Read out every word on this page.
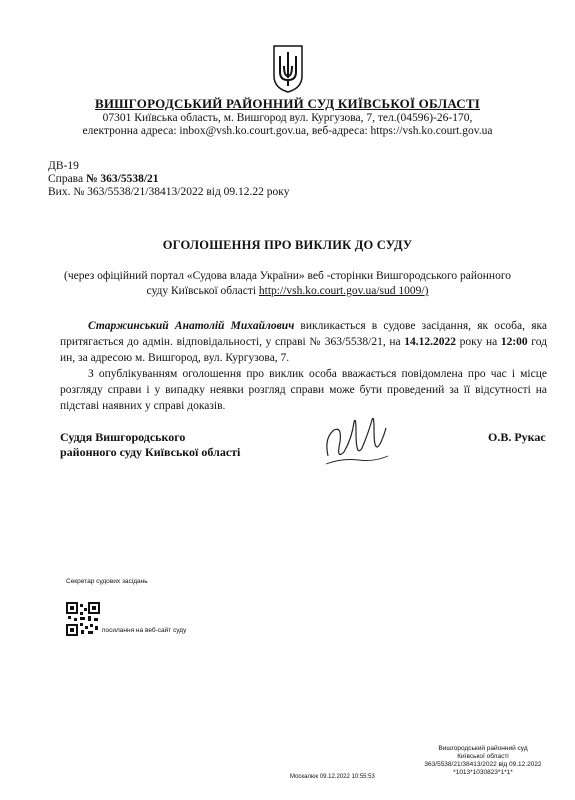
ВИШГОРОДСЬКИЙ РАЙОННИЙ СУД КИЇВСЬКОЇ ОБЛАСТІ
07301 Київська область, м. Вишгород вул. Кургузова, 7, тел.(04596)-26-170,
електронна адреса: inbox@vsh.ko.court.gov.ua, веб-адреса: https://vsh.ko.court.gov.ua
ДВ-19
Справа № 363/5538/21
Вих. № 363/5538/21/38413/2022 від 09.12.22 року
ОГОЛОШЕННЯ ПРО ВИКЛИК ДО СУДУ
(через офіційний портал «Судова влада України» веб -сторінки Вишгородського районного
суду Київської області http://vsh.ko.court.gov.ua/sud 1009/)
Старжинський Анатолій Михайлович викликається в судове засідання, як особа, яка притягається до адмін. відповідальності, у справі № 363/5538/21, на 14.12.2022 року на 12:00 год ин, за адресою м. Вишгород, вул. Кургузова, 7.
З опублікуванням оголошення про виклик особа вважається повідомлена про час і місце розгляду справи і у випадку неявки розгляд справи може бути проведений за її відсутності на підставі наявних у справі доказів.
Суддя Вишгородського
районного суду Київської області
О.В. Рукас
Секретар судових засідань
посилання на веб-сайт суду
Вишгородський районний суд
Київської області
363/5538/21/38413/2022 від 09.12.2022
*1013*1030823*1*1*
Москалюк 09.12.2022 10:55:53
